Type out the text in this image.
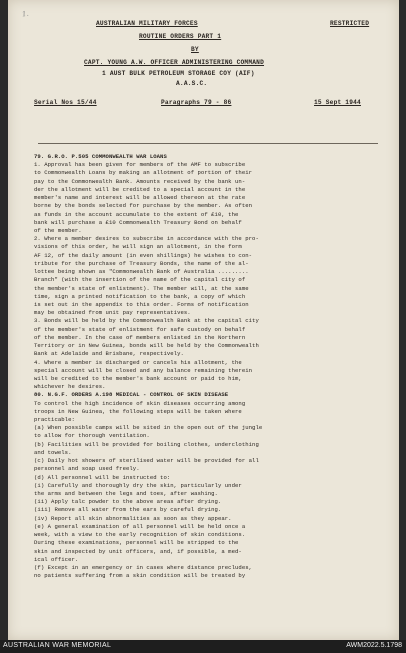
1.
AUSTRALIAN MILITARY FORCES	RESTRICTED
ROUTINE ORDERS PART 1
BY
CAPT. YOUNG A.W. OFFICER ADMINISTERING COMMAND
1 AUST BULK PETROLEUM STORAGE COY (AIF)
A.A.S.C.
Serial Nos 15/44	Paragraphs 79 - 86	15 Sept 1944
79. G.R.O. P.505 COMMONWEALTH WAR LOANS
1. Approval has been given for members of the AMF to subscribe
to Commonwealth Loans by making an allotment of portion of their
pay to the Commonwealth Bank. Amounts received by the bank un-
der the allotment will be credited to a special account in the
member's name and interest will be allowed thereon at the rate
borne by the bonds selected for purchase by the member. As often
as funds in the account accumulate to the extent of £10, the
bank will purchase a £10 Commonwealth Treasury Bond on behalf
of the member.
2. Where a member desires to subscribe in accordance with the pro-
visions of this order, he will sign an allotment, in the form
AF 12, of the daily amount (in even shillings) he wishes to con-
tribute for the purchase of Treasury Bonds, the name of the al-
lottee being shown as "Commonwealth Bank of Australia .........
Branch" (with the insertion of the name of the capital city of
the member's state of enlistment). The member will, at the same
time, sign a printed notification to the bank, a copy of which
is set out in the appendix to this order. Forms of notification
may be obtained from unit pay representatives.
3. Bonds will be held by the Commonwealth Bank at the capital city
of the member's state of enlistment for safe custody on behalf
of the member. In the case of members enlisted in the Northern
Territory or in New Guinea, bonds will be held by the Commonwealth
Bank at Adelaide and Brisbane, respectively.
4. Where a member is discharged or cancels his allotment, the
special account will be closed and any balance remaining therein
will be credited to the member's bank account or paid to him,
whichever he desires.
80. N.G.F. ORDERS A.198 MEDICAL - CONTROL OF SKIN DISEASE
To control the high incidence of skin diseases occurring among
troops in New Guinea, the following steps will be taken where
practicable:
(a) When possible camps will be sited in the open out of the jungle
to allow for thorough ventilation.
(b) Facilities will be provided for boiling clothes, underclothing
and towels.
(c) Daily hot showers of sterilised water will be provided for all
personnel and soap used freely.
(d) All personnel will be instructed to:
(i) Carefully and thoroughly dry the skin, particularly under
the arms and between the legs and toes, after washing.
(ii) Apply talc powder to the above areas after drying.
(iii) Remove all water from the ears by careful drying.
(iv) Report all skin abnormalities as soon as they appear.
(e) A general examination of all personnel will be held once a
week, with a view to the early recognition of skin conditions.
During these examinations, personnel will be stripped to the
skin and inspected by unit officers, and, if possible, a med-
ical officer.
(f) Except in an emergency or in cases where distance precludes,
no patients suffering from a skin condition will be treated by
AUSTRALIAN WAR MEMORIAL	AWM2022.5.1798
